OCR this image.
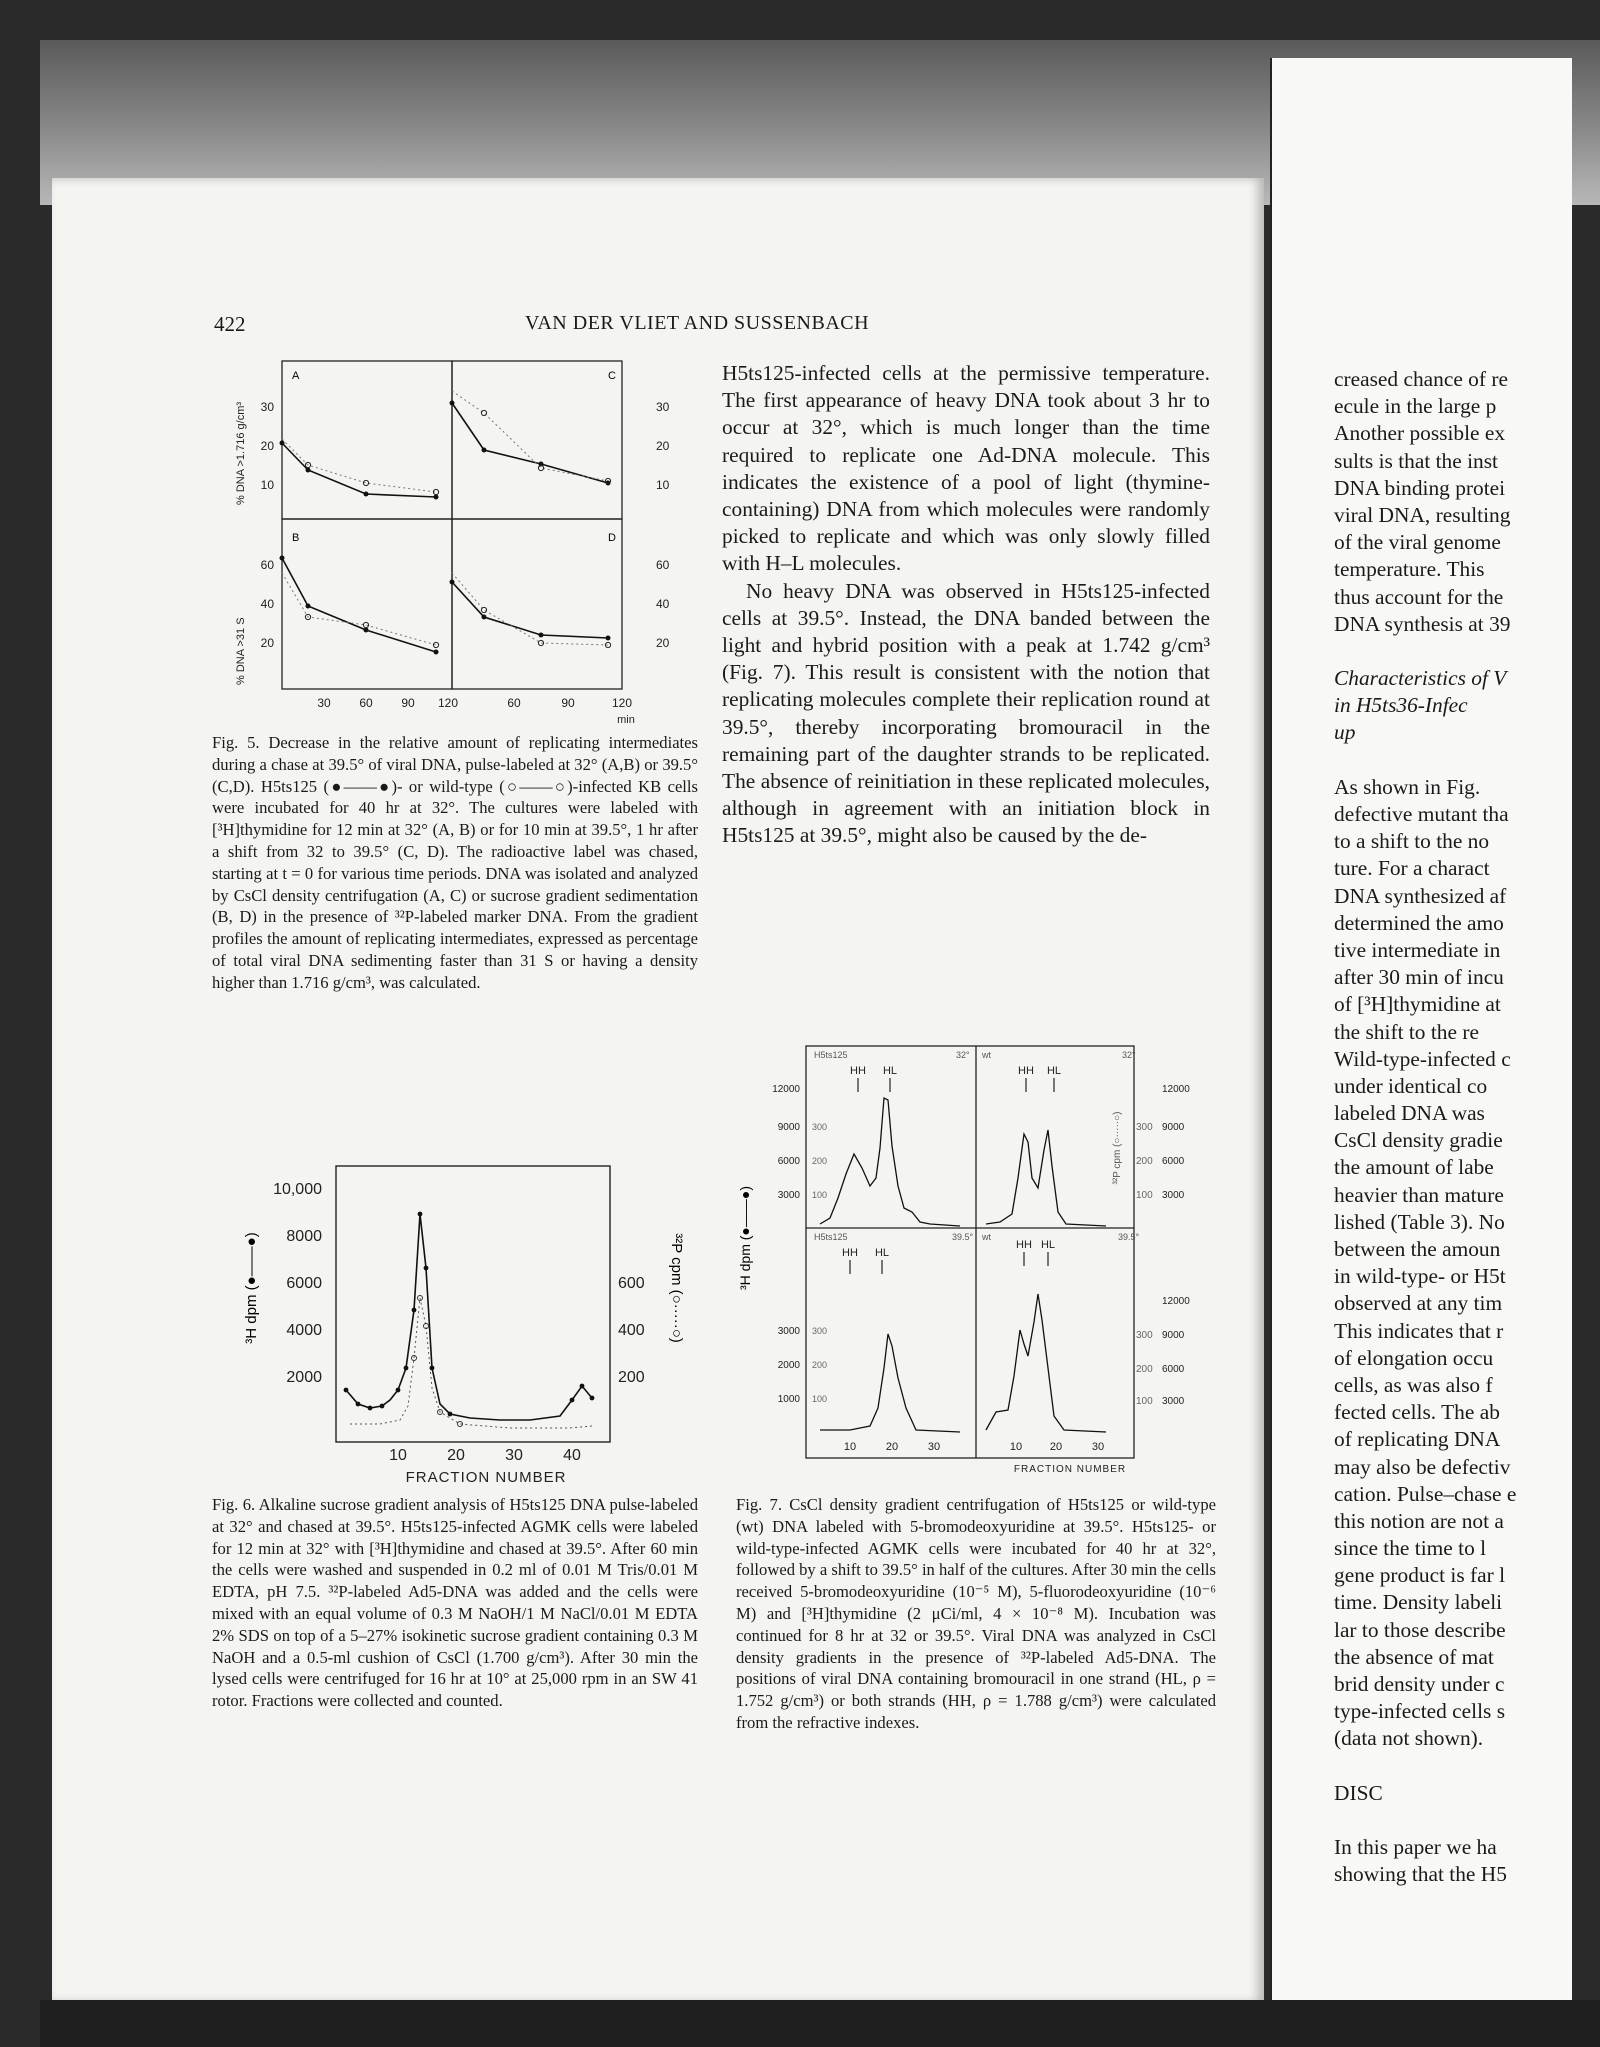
422	VAN DER VLIET AND SUSSENBACH
% DNA >1.716 g/cm³
% DNA >31 S
A	C
B	D
30
20
10
60
40
20
30
20
10
60
40
20
30 60 90 120	60	90	120
min

Fig. 5. Decrease in the relative amount of replicating intermediates during a chase at 39.5° of viral DNA, pulse-labeled at 32° (A,B) or 39.5° (C,D). H5ts125 (●——●)- or wild-type (○——○)-infected KB cells were incubated for 40 hr at 32°. The cultures were labeled with [³H]thymidine for 12 min at 32° (A, B) or for 10 min at 39.5°, 1 hr after a shift from 32 to 39.5° (C, D). The radioactive label was chased, starting at t = 0 for various time periods. DNA was isolated and analyzed by CsCl density centrifugation (A, C) or sucrose gradient sedimentation (B, D) in the presence of ³²P-labeled marker DNA. From the gradient profiles the amount of replicating intermediates, expressed as percentage of total viral DNA sedimenting faster than 31 S or having a density higher than 1.716 g/cm³, was calculated.

H5ts125-infected cells at the permissive temperature. The first appearance of heavy DNA took about 3 hr to occur at 32°, which is much longer than the time required to replicate one Ad-DNA molecule. This indicates the existence of a pool of light (thymine-containing) DNA from which molecules were randomly picked to replicate and which was only slowly filled with H–L molecules.

No heavy DNA was observed in H5ts125-infected cells at 39.5°. Instead, the DNA banded between the light and hybrid position with a peak at 1.742 g/cm³ (Fig. 7). This result is consistent with the notion that replicating molecules complete their replication round at 39.5°, thereby incorporating bromouracil in the remaining part of the daughter strands to be replicated. The absence of reinitiation in these replicated molecules, although in agreement with an initiation block in H5ts125 at 39.5°, might also be caused by the de-

³H dpm (●——●)	³²P cpm (○·····○)
10,000
8000
6000
4000
2000
600
400
200
10	20	30	40
FRACTION NUMBER

Fig. 6. Alkaline sucrose gradient analysis of H5ts125 DNA pulse-labeled at 32° and chased at 39.5°. H5ts125-infected AGMK cells were labeled for 12 min at 32° with [³H]thymidine and chased at 39.5°. After 60 min the cells were washed and suspended in 0.2 ml of 0.01 M Tris/0.01 M EDTA, pH 7.5. ³²P-labeled Ad5-DNA was added and the cells were mixed with an equal volume of 0.3 M NaOH/1 M NaCl/0.01 M EDTA 2% SDS on top of a 5–27% isokinetic sucrose gradient containing 0.3 M NaOH and a 0.5-ml cushion of CsCl (1.700 g/cm³). After 30 min the lysed cells were centrifuged for 16 hr at 10° at 25,000 rpm in an SW 41 rotor. Fractions were collected and counted.

³H dpm (●——●)
³²P cpm (○·····○)
H5ts125	wt
H5ts125	wt
32°	32°
39.5°	39.5°
HH HL	HH HL
HH HL
HH HL
12000
9000
6000
3000
3000
2000
1000
300
200
100
300
200
100
12000
9000
6000
3000
12000
9000
6000
3000
300
200
100
300
200
100
10	20	30	10	20	30
FRACTION NUMBER

Fig. 7. CsCl density gradient centrifugation of H5ts125 or wild-type (wt) DNA labeled with 5-bromodeoxyuridine at 39.5°. H5ts125- or wild-type-infected AGMK cells were incubated for 40 hr at 32°, followed by a shift to 39.5° in half of the cultures. After 30 min the cells received 5-bromodeoxyuridine (10⁻⁵ M), 5-fluorodeoxyuridine (10⁻⁶ M) and [³H]thymidine (2 μCi/ml, 4 × 10⁻⁸ M). Incubation was continued for 8 hr at 32 or 39.5°. Viral DNA was analyzed in CsCl density gradients in the presence of ³²P-labeled Ad5-DNA. The positions of viral DNA containing bromouracil in one strand (HL, ρ = 1.752 g/cm³) or both strands (HH, ρ = 1.788 g/cm³) were calculated from the refractive indexes.

creased chance of re
ecule in the large p
Another possible ex
sults is that the inst
DNA binding protei
viral DNA, resulting
of the viral genome
temperature. This
thus account for the
DNA synthesis at 39
Characteristics of V
in H5ts36-Infec
up
As shown in Fig.
defective mutant tha
to a shift to the no
ture. For a charact
DNA synthesized af
determined the amo
tive intermediate in
after 30 min of incu
of [³H]thymidine at
the shift to the re
Wild-type-infected c
under identical co
labeled DNA was
CsCl density gradie
the amount of labe
heavier than mature
lished (Table 3). No
between the amoun
in wild-type- or H5t
observed at any tim
This indicates that r
of elongation occu
cells, as was also f
fected cells. The ab
of replicating DNA
may also be defectiv
cation. Pulse–chase e
this notion are not a
since the time to l
gene product is far l
time. Density labeli
lar to those describe
the absence of mat
brid density under c
type-infected cells s
(data not shown).
DISC
In this paper we ha
showing that the H5
